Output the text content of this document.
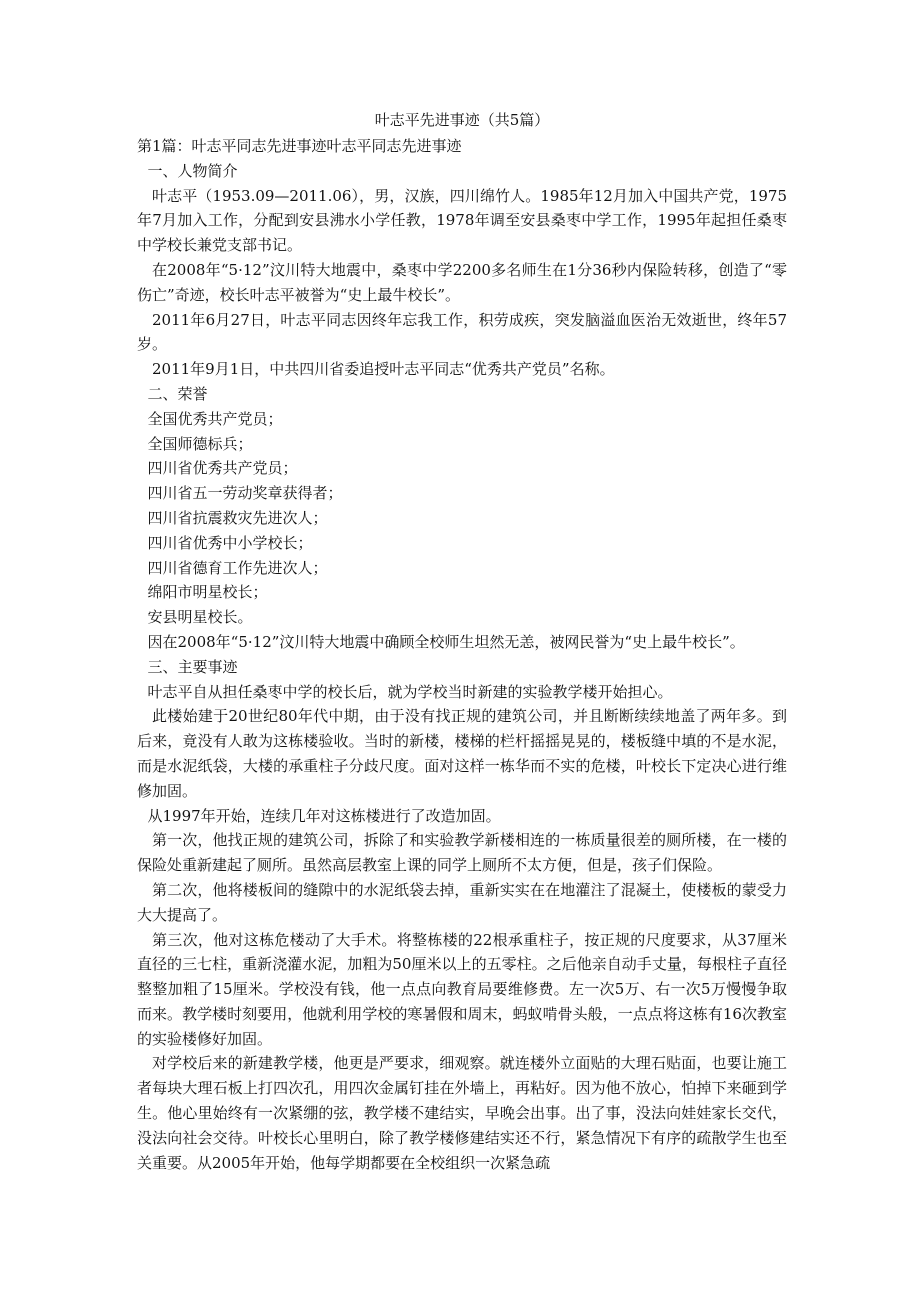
叶志平先进事迹（共5篇）

第1篇：叶志平同志先进事迹叶志平同志先进事迹

一、人物简介

叶志平（1953.09—2011.06），男，汉族，四川绵竹人。1985年12月加入中国共产党，1975年7月加入工作，分配到安县沸水小学任教，1978年调至安县桑枣中学工作，1995年起担任桑枣中学校长兼党支部书记。

在2008年“5·12”汶川特大地震中，桑枣中学2200多名师生在1分36秒内保险转移，创造了“零伤亡”奇迹，校长叶志平被誉为“史上最牛校长”。

2011年6月27日，叶志平同志因终年忘我工作，积劳成疾，突发脑溢血医治无效逝世，终年57岁。

2011年9月1日，中共四川省委追授叶志平同志“优秀共产党员”名称。

二、荣誉

全国优秀共产党员；

全国师德标兵；

四川省优秀共产党员；

四川省五一劳动奖章获得者；

四川省抗震救灾先进次人；

四川省优秀中小学校长；

四川省德育工作先进次人；

绵阳市明星校长；

安县明星校长。

因在2008年“5·12”汶川特大地震中确顾全校师生坦然无恙，被网民誉为“史上最牛校长”。

三、主要事迹

叶志平自从担任桑枣中学的校长后，就为学校当时新建的实验教学楼开始担心。

此楼始建于20世纪80年代中期，由于没有找正规的建筑公司，并且断断续续地盖了两年多。到后来，竟没有人敢为这栋楼验收。当时的新楼，楼梯的栏杆摇摇晃晃的，楼板缝中填的不是水泥，而是水泥纸袋，大楼的承重柱子分歧尺度。面对这样一栋华而不实的危楼，叶校长下定决心进行维修加固。

从1997年开始，连续几年对这栋楼进行了改造加固。

第一次，他找正规的建筑公司，拆除了和实验教学新楼相连的一栋质量很差的厕所楼，在一楼的保险处重新建起了厕所。虽然高层教室上课的同学上厕所不太方便，但是，孩子们保险。

第二次，他将楼板间的缝隙中的水泥纸袋去掉，重新实实在在地灌注了混凝土，使楼板的蒙受力大大提高了。

第三次，他对这栋危楼动了大手术。将整栋楼的22根承重柱子，按正规的尺度要求，从37厘米直径的三七柱，重新浇灌水泥，加粗为50厘米以上的五零柱。之后他亲自动手丈量，每根柱子直径整整加粗了15厘米。学校没有钱，他一点点向教育局要维修费。左一次5万、右一次5万慢慢争取而来。教学楼时刻要用，他就利用学校的寒暑假和周末，蚂蚁啃骨头般，一点点将这栋有16次教室的实验楼修好加固。

对学校后来的新建教学楼，他更是严要求，细观察。就连楼外立面贴的大理石贴面，也要让施工者每块大理石板上打四次孔，用四次金属钉挂在外墙上，再粘好。因为他不放心，怕掉下来砸到学生。他心里始终有一次紧绷的弦，教学楼不建结实，早晚会出事。出了事，没法向娃娃家长交代，没法向社会交待。叶校长心里明白，除了教学楼修建结实还不行，紧急情况下有序的疏散学生也至关重要。从2005年开始，他每学期都要在全校组织一次紧急疏
